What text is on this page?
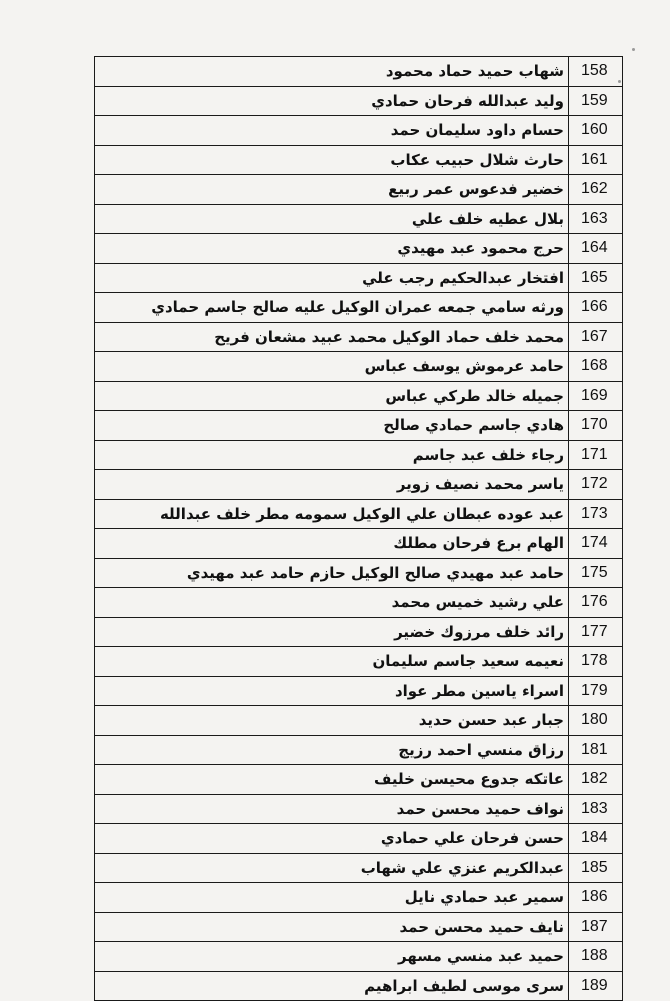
شهاب حميد حماد محمود	158
وليد عبدالله فرحان حمادي	159
حسام داود سليمان حمد	160
حارث شلال حبيب عكاب	161
خضير فدعوس عمر ربيع	162
بلال عطيه خلف علي	163
حرج محمود عبد مهيدي	164
افتخار عبدالحكيم رجب علي	165
ورثه سامي جمعه عمران الوكيل عليه صالح جاسم حمادي	166
محمد خلف حماد الوكيل محمد عبيد مشعان فريح	167
حامد عرموش يوسف عباس	168
جميله خالد طركي عباس	169
هادي جاسم حمادي صالح	170
رجاء خلف عبد جاسم	171
ياسر محمد نصيف زوير	172
عبد عوده عبطان علي الوكيل سمومه مطر خلف عبدالله	173
الهام برع فرحان مطلك	174
حامد عبد مهيدي صالح الوكيل حازم حامد عبد مهيدي	175
علي رشيد خميس محمد	176
رائد خلف مرزوك خضير	177
نعيمه سعيد جاسم سليمان	178
اسراء ياسين مطر عواد	179
جبار عبد حسن حديد	180
رزاق منسي احمد رزيج	181
عاتكه جدوع محيسن خليف	182
نواف حميد محسن حمد	183
حسن فرحان علي حمادي	184
عبدالكريم عنزي علي شهاب	185
سمير عبد حمادي نايل	186
نايف حميد محسن حمد	187
حميد عبد منسي مسهر	188
سرى موسى لطيف ابراهيم	189
